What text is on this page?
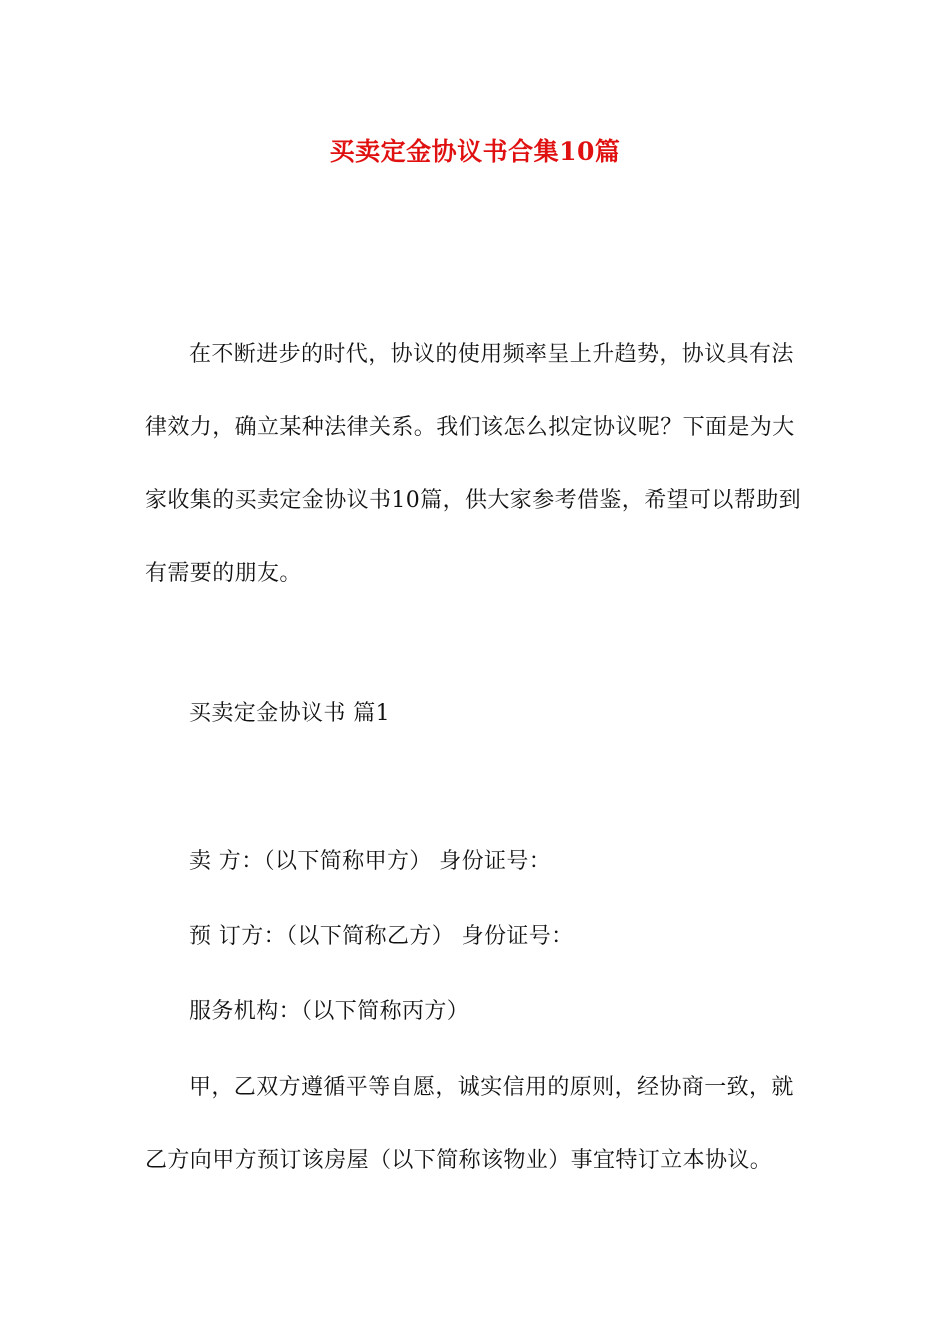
买卖定金协议书合集10篇

在不断进步的时代，协议的使用频率呈上升趋势，协议具有法律效力，确立某种法律关系。我们该怎么拟定协议呢？下面是为大家收集的买卖定金协议书10篇，供大家参考借鉴，希望可以帮助到有需要的朋友。

买卖定金协议书 篇1
卖 方：（以下简称甲方） 身份证号：
预 订方：（以下简称乙方） 身份证号：
服务机构：（以下简称丙方）

甲，乙双方遵循平等自愿，诚实信用的原则，经协商一致，就乙方向甲方预订该房屋（以下简称该物业）事宜特订立本协议。
